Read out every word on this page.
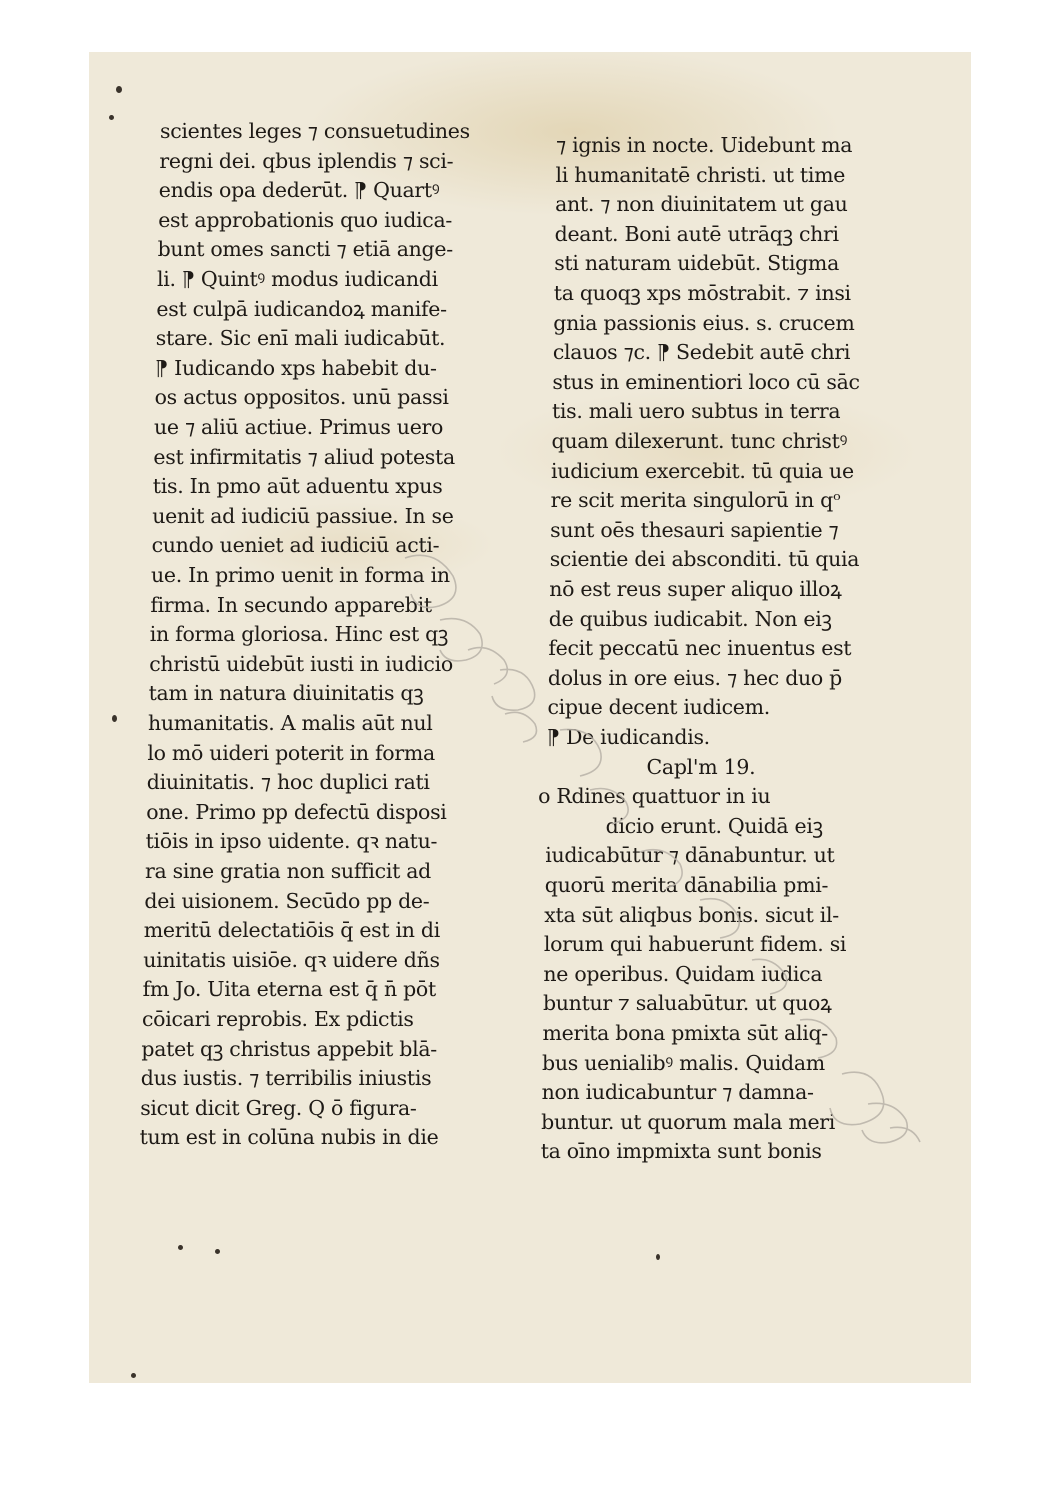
scientes leges ⁊ consuetudines
regni dei. qbus iplendis ⁊ sci‐
endis opa dederūt. ⁋ Quartꝰ
est approbationis quo iudica‐
bunt omes sancti ⁊ etiā ange‐
li. ⁋ Quintꝰ modus iudicandi
est culpā iudicandoꝝ manife‐
stare. Sic enī mali iudicabūt.
⁋ Iudicando xps habebit du‐
os actus oppositos. unū passi
ue ⁊ aliū actiue. Primus uero
est infirmitatis ⁊ aliud potesta
tis. In pmo aūt aduentu xpus
uenit ad iudiciū passiue. In se
cundo ueniet ad iudiciū acti‐
ue. In primo uenit in forma in
firma. In secundo apparebit
in forma gloriosa. Hinc est qꝫ
christū uidebūt iusti in iudicio
tam in natura diuinitatis qꝫ
humanitatis. A malis aūt nul
lo mō uideri poterit in forma
diuinitatis. ⁊ hoc duplici rati
one. Primo pp defectū disposi
tiōis in ipso uidente. qꝛ natu‐
ra sine gratia non sufficit ad
dei uisionem. Secūdo pp de‐
meritū delectatiōis q̄ est in di
uinitatis uisiōe. qꝛ uidere dñs
fm Jo. Uita eterna est q̄ n̄ pōt
cōicari reprobis. Ex pdictis
patet qꝫ christus appebit blā‐
dus iustis. ⁊ terribilis iniustis
sicut dicit Greg. Q ō figura‐
tum est in colūna nubis in die
⁊ ignis in nocte. Uidebunt ma
li humanitatē christi. ut time
ant. ⁊ non diuinitatem ut gau
deant. Boni autē utrāqꝫ chri
sti naturam uidebūt. Stigma
ta quoqꝫ xps mōstrabit. ⁊ insi
gnia passionis eius. s. crucem
clauos ⁊c. ⁋ Sedebit autē chri
stus in eminentiori loco cū sāc
tis. mali uero subtus in terra
quam dilexerunt. tunc christꝰ
iudicium exercebit. tū quia ue
re scit merita singulorū in qᵒ
sunt oēs thesauri sapientie ⁊
scientie dei absconditi. tū quia
nō est reus super aliquo illoꝝ
de quibus iudicabit. Non eiꝫ
fecit peccatū nec inuentus est
dolus in ore eius. ⁊ hec duo p̄
cipue decent iudicem.
⁋ De iudicandis.
Capl'm 19.
o Rdines quattuor in iu
dicio erunt. Quidā eiꝫ
iudicabūtur ⁊ dānabuntur. ut
quorū merita dānabilia pmi‐
xta sūt aliqbus bonis. sicut il‐
lorum qui habuerunt fidem. si
ne operibus. Quidam iudica
buntur ⁊ saluabūtur. ut quoꝝ
merita bona pmixta sūt aliq‐
bus uenialibꝰ malis. Quidam
non iudicabuntur ⁊ damna‐
buntur. ut quorum mala meri
ta oīno impmixta sunt bonis
